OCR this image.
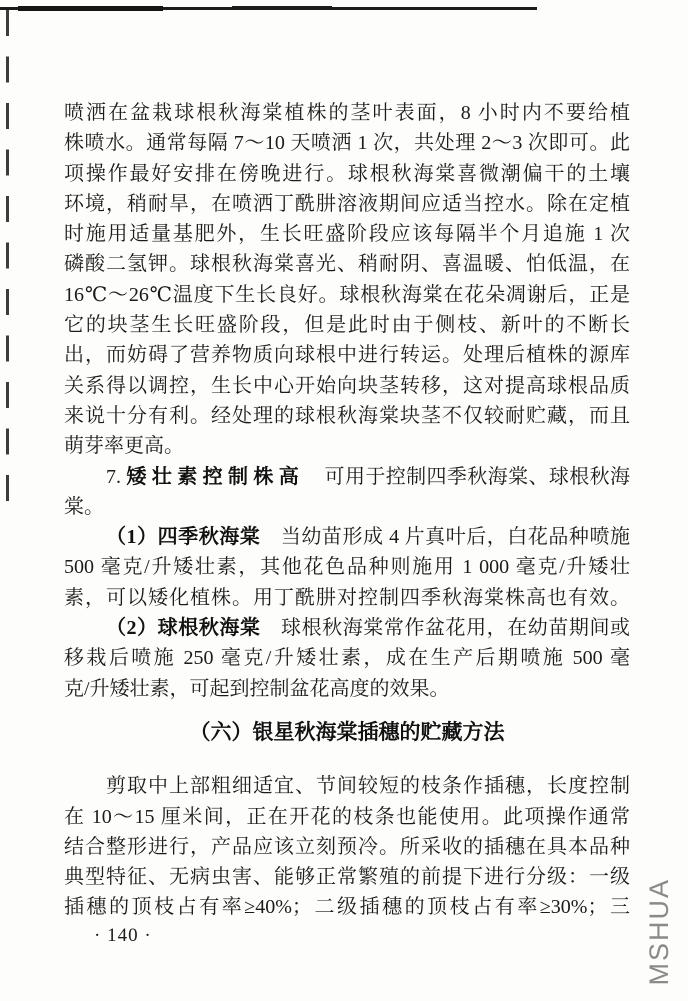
喷洒在盆栽球根秋海棠植株的茎叶表面，8 小时内不要给植
株喷水。通常每隔 7～10 天喷洒 1 次，共处理 2～3 次即可。此
项操作最好安排在傍晚进行。球根秋海棠喜微潮偏干的土壤
环境，稍耐旱，在喷洒丁酰肼溶液期间应适当控水。除在定植
时施用适量基肥外，生长旺盛阶段应该每隔半个月追施 1 次
磷酸二氢钾。球根秋海棠喜光、稍耐阴、喜温暖、怕低温，在
16℃～26℃温度下生长良好。球根秋海棠在花朵凋谢后，正是
它的块茎生长旺盛阶段，但是此时由于侧枝、新叶的不断长
出，而妨碍了营养物质向球根中进行转运。处理后植株的源库
关系得以调控，生长中心开始向块茎转移，这对提高球根品质
来说十分有利。经处理的球根秋海棠块茎不仅较耐贮藏，而且
萌芽率更高。
7. 矮壮素控制株高　可用于控制四季秋海棠、球根秋海
棠。
（1）四季秋海棠　当幼苗形成 4 片真叶后，白花品种喷施
500 毫克/升矮壮素，其他花色品种则施用 1 000 毫克/升矮壮
素，可以矮化植株。用丁酰肼对控制四季秋海棠株高也有效。
（2）球根秋海棠　球根秋海棠常作盆花用，在幼苗期间或
移栽后喷施 250 毫克/升矮壮素，成在生产后期喷施 500 毫
克/升矮壮素，可起到控制盆花高度的效果。
（六）银星秋海棠插穗的贮藏方法
剪取中上部粗细适宜、节间较短的枝条作插穗，长度控制
在 10～15 厘米间，正在开花的枝条也能使用。此项操作通常
结合整形进行，产品应该立刻预冷。所采收的插穗在具本品种
典型特征、无病虫害、能够正常繁殖的前提下进行分级：一级
插穗的顶枝占有率≥40%；二级插穗的顶枝占有率≥30%；三
· 140 ·	MSHUA
